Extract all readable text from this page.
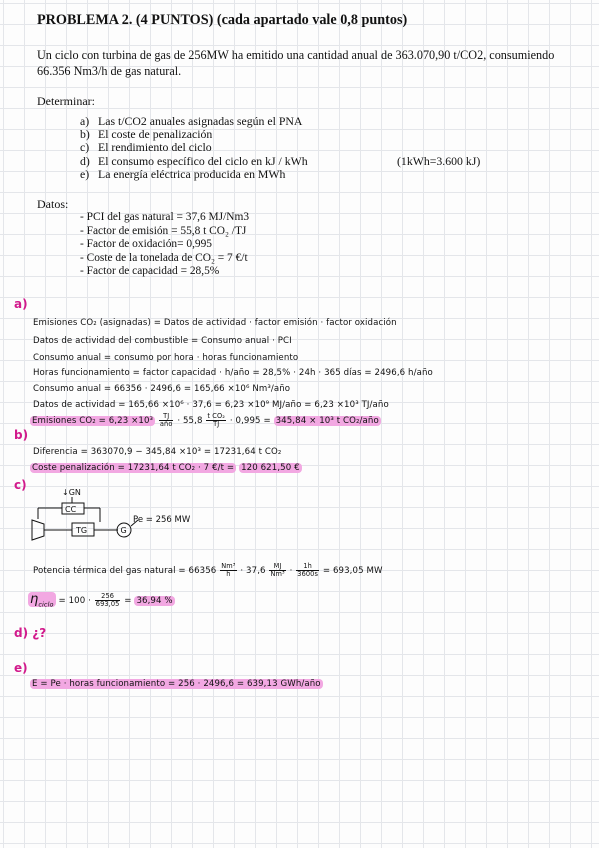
PROBLEMA 2. (4 PUNTOS) (cada apartado vale 0,8 puntos)
Un ciclo con turbina de gas de 256MW ha emitido una cantidad anual de 363.070,90 t/CO2, consumiendo 66.356 Nm3/h de gas natural.
Determinar:
a) Las t/CO2 anuales asignadas según el PNA
b) El coste de penalización
c) El rendimiento del ciclo
d) El consumo específico del ciclo en kJ / kWh
e) La energía eléctrica producida en MWh
(1kWh=3.600 kJ)
Datos:
- PCI del gas natural = 37,6 MJ/Nm3
- Factor de emisión = 55,8 t CO₂ /TJ
- Factor de oxidación= 0,995
- Coste de la tonelada de CO₂ = 7 €/t
- Factor de capacidad = 28,5%
a)
Emisiones CO₂ (asignadas) = Datos de actividad · factor emisión · factor oxidación
Datos de actividad del combustible = Consumo anual · PCI
Consumo anual = consumo por hora · horas funcionamiento
Horas funcionamiento = factor capacidad · h/año = 28,5% · 24h · 365 días = 2496,6 h/año
Consumo anual = 66356 · 2496,6 = 165,66 ×10⁶ Nm³/año
Datos de actividad = 165,66 ×10⁶ · 37,6 = 6,23 ×10⁹ MJ/año = 6,23 ×10³ TJ/año
Emisiones $CO_2 = 6,23 \times 10^3 \frac{TJ}{\text{año}} \cdot 55,8 \frac{\text{t CO₂}}{TJ} \cdot 0,995 = 345,84 \times 10^3$ t CO₂/año
b)
Diferencia = 363070,9 − 345,84 ×10³ = 17231,64 t CO₂
Coste penalización = 17231,64 t CO₂ · 7 €/t = 120 621,50 €
c)
↓GN
CC
TG	G
Pe = 256 MW
Potencia térmica del gas natural = $66356 \frac{\text{Nm³}}{h} \cdot 37,6 \frac{MJ}{\text{Nm³}} \cdot \frac{1h}{3600s} = 693,05$ MW
$\eta_{ciclo} = 100 \cdot \frac{256}{693,05} = 36,94$ %
d) ¿?
e)
E = Pe · horas funcionamiento = 256 · 2496,6 = 639,13 GWh/año
